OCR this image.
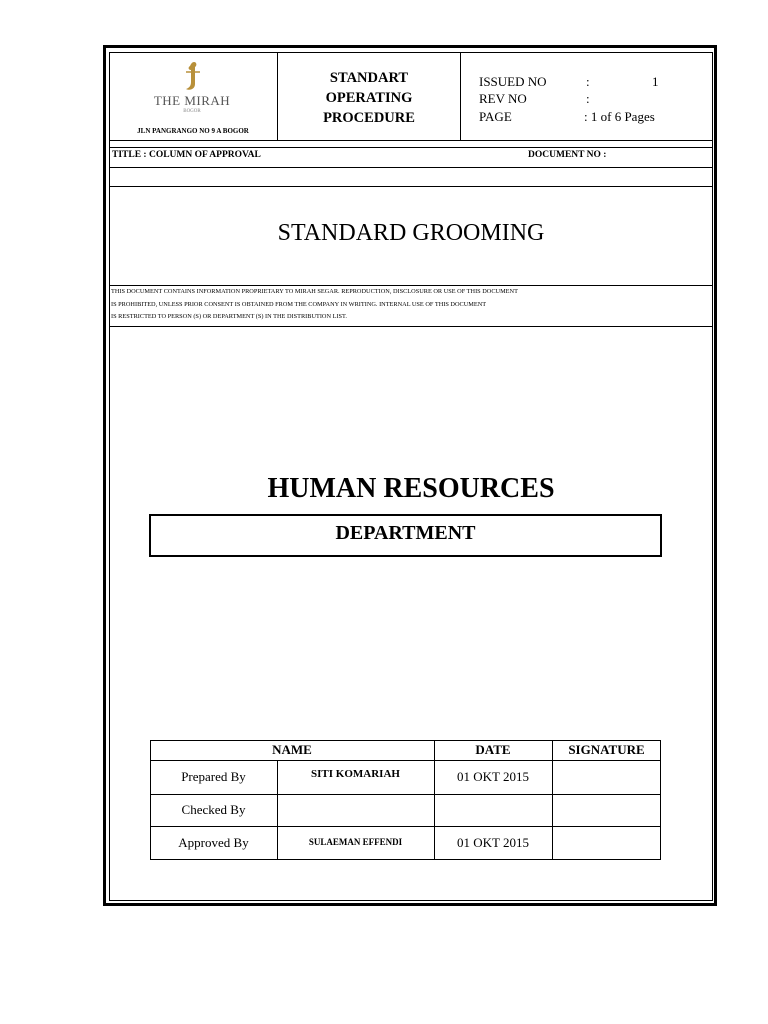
THE MIRAH
BOGOR
JLN PANGRANGO NO 9 A BOGOR
STANDART
OPERATING
PROCEDURE
ISSUED NO	:	1
REV NO	:
PAGE	: 1 of 6 Pages
TITLE : COLUMN OF APPROVAL	DOCUMENT NO :
STANDARD GROOMING
THIS DOCUMENT CONTAINS INFORMATION PROPRIETARY TO MIRAH SEGAR. REPRODUCTION, DISCLOSURE OR USE OF THIS DOCUMENT
IS PROHIBITED, UNLESS PRIOR CONSENT IS OBTAINED FROM THE COMPANY IN WRITING. INTERNAL USE OF THIS DOCUMENT
IS RESTRICTED TO PERSON (S) OR DEPARTMENT (S) IN THE DISTRIBUTION LIST.
HUMAN RESOURCES
DEPARTMENT
NAME	DATE	SIGNATURE
Prepared By	SITI KOMARIAH	01 OKT 2015
Checked By
Approved By	SULAEMAN EFFENDI	01 OKT 2015
